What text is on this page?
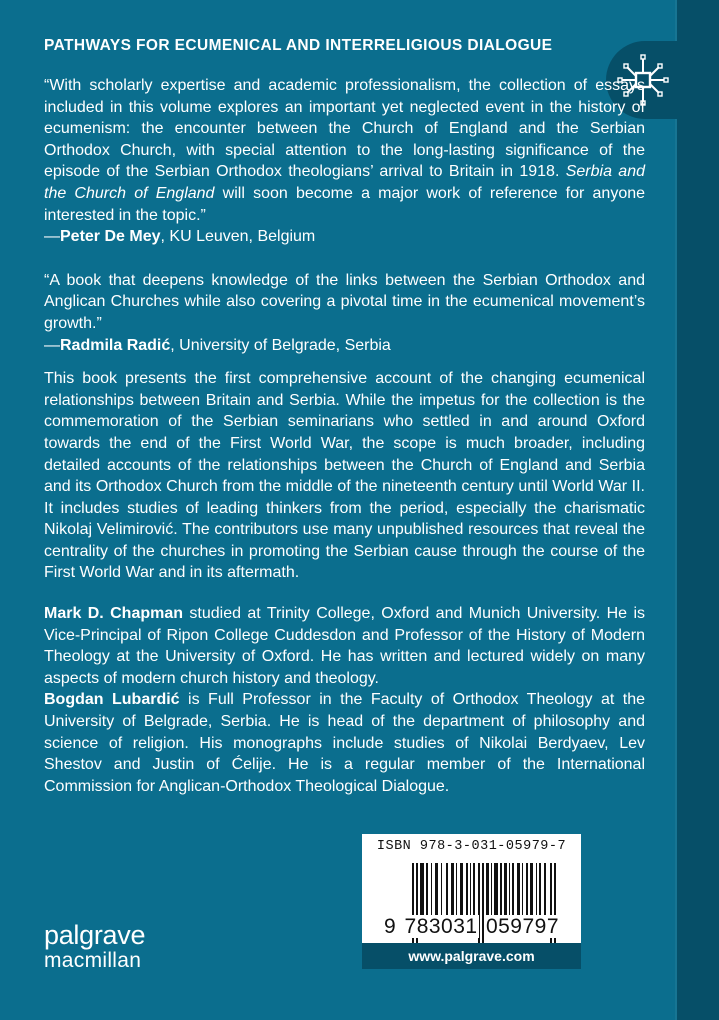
PATHWAYS FOR ECUMENICAL AND INTERRELIGIOUS DIALOGUE

“With scholarly expertise and academic professionalism, the collection of essays included in this volume explores an important yet neglected event in the history of ecumenism: the encounter between the Church of England and the Serbian Orthodox Church, with special attention to the long-lasting significance of the episode of the Serbian Orthodox theologians’ arrival to Britain in 1918. Serbia and the Church of England will soon become a major work of reference for anyone interested in the topic.”
—Peter De Mey, KU Leuven, Belgium

“A book that deepens knowledge of the links between the Serbian Orthodox and Anglican Churches while also covering a pivotal time in the ecumenical movement’s growth.”
—Radmila Radić, University of Belgrade, Serbia

This book presents the first comprehensive account of the changing ecumenical relationships between Britain and Serbia. While the impetus for the collection is the commemoration of the Serbian seminarians who settled in and around Oxford towards the end of the First World War, the scope is much broader, including detailed accounts of the relationships between the Church of England and Serbia and its Orthodox Church from the middle of the nineteenth century until World War II. It includes studies of leading thinkers from the period, especially the charismatic Nikolaj Velimirović. The contributors use many unpublished resources that reveal the centrality of the churches in promoting the Serbian cause through the course of the First World War and in its aftermath.

Mark D. Chapman studied at Trinity College, Oxford and Munich University. He is Vice-Principal of Ripon College Cuddesdon and Professor of the History of Modern Theology at the University of Oxford. He has written and lectured widely on many aspects of modern church history and theology.

Bogdan Lubardić is Full Professor in the Faculty of Orthodox Theology at the University of Belgrade, Serbia. He is head of the department of philosophy and science of religion. His monographs include studies of Nikolai Berdyaev, Lev Shestov and Justin of Ćelije. He is a regular member of the International Commission for Anglican-Orthodox Theological Dialogue.

ISBN 978-3-031-05979-7
9 783031 059797
www.palgrave.com
palgrave
macmillan
